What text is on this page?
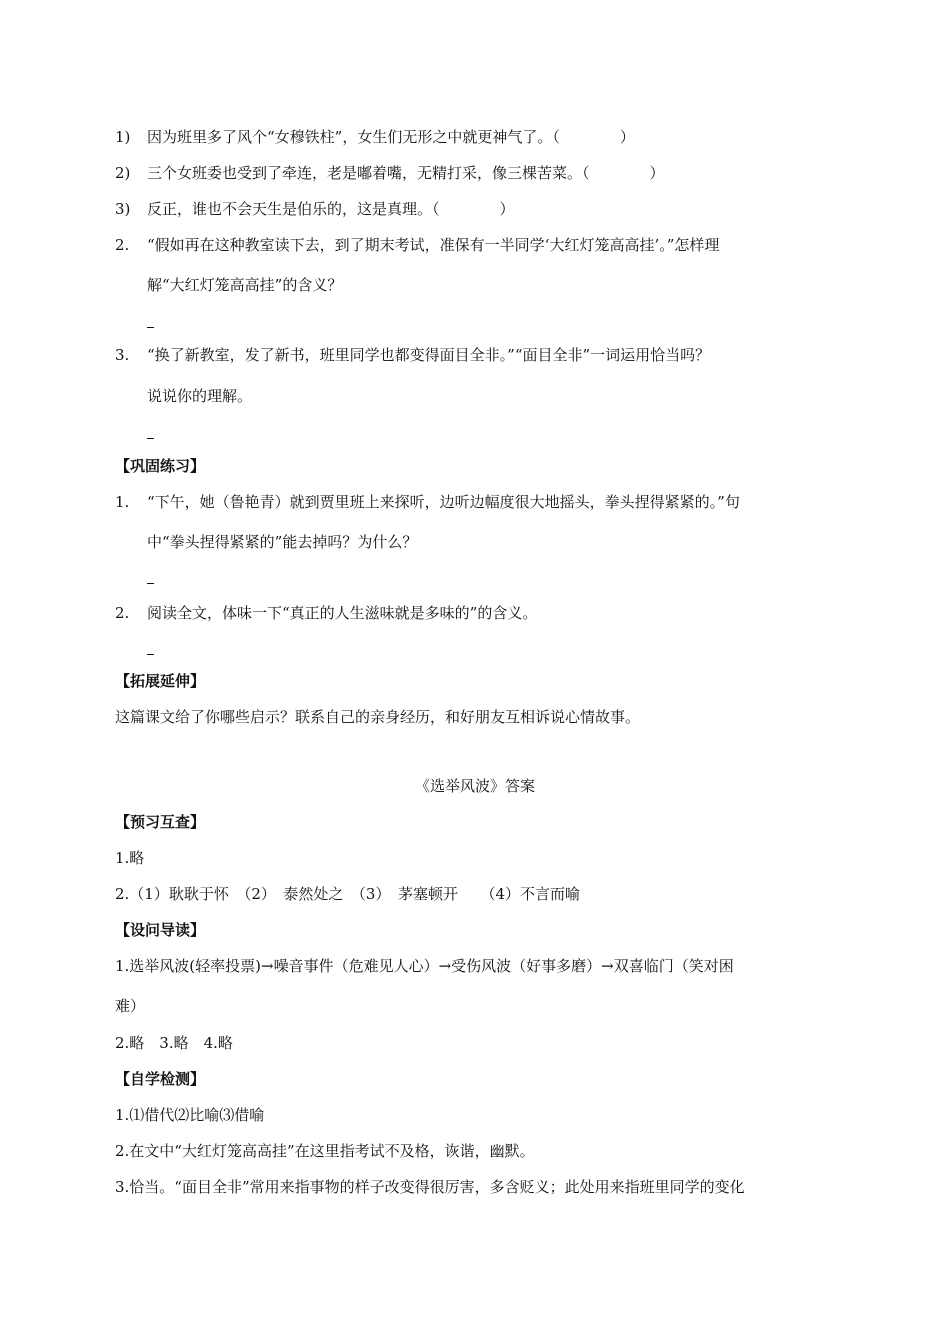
1) 因为班里多了风个“女穆铁柱”，女生们无形之中就更神气了。（　　　　）
2) 三个女班委也受到了牵连，老是嘟着嘴，无精打采，像三棵苦菜。（　　　　）
3) 反正，谁也不会天生是伯乐的，这是真理。（　　　　）
2. “假如再在这种教室读下去，到了期末考试，准保有一半同学‘大红灯笼高高挂’。”怎样理
解“大红灯笼高高挂”的含义？
3. “换了新教室，发了新书，班里同学也都变得面目全非。”“面目全非”一词运用恰当吗？
说说你的理解。
【巩固练习】
1. “下午，她（鲁艳青）就到贾里班上来探听，边听边幅度很大地摇头，拳头捏得紧紧的。”句
中“拳头捏得紧紧的”能去掉吗？为什么？
2. 阅读全文，体味一下“真正的人生滋味就是多味的”的含义。
【拓展延伸】
这篇课文给了你哪些启示？联系自己的亲身经历，和好朋友互相诉说心情故事。
《选举风波》答案
【预习互查】
1.略
2.（1）耿耿于怀　（2）　泰然处之　（3）　茅塞顿开　　（4）不言而喻
【设问导读】
1.选举风波(轻率投票)→噪音事件（危难见人心）→受伤风波（好事多磨）→双喜临门（笑对困
难）
2.略　3.略　4.略
【自学检测】
1.⑴借代⑵比喻⑶借喻
2.在文中“大红灯笼高高挂”在这里指考试不及格，诙谐，幽默。
3.恰当。“面目全非”常用来指事物的样子改变得很厉害，多含贬义；此处用来指班里同学的变化
